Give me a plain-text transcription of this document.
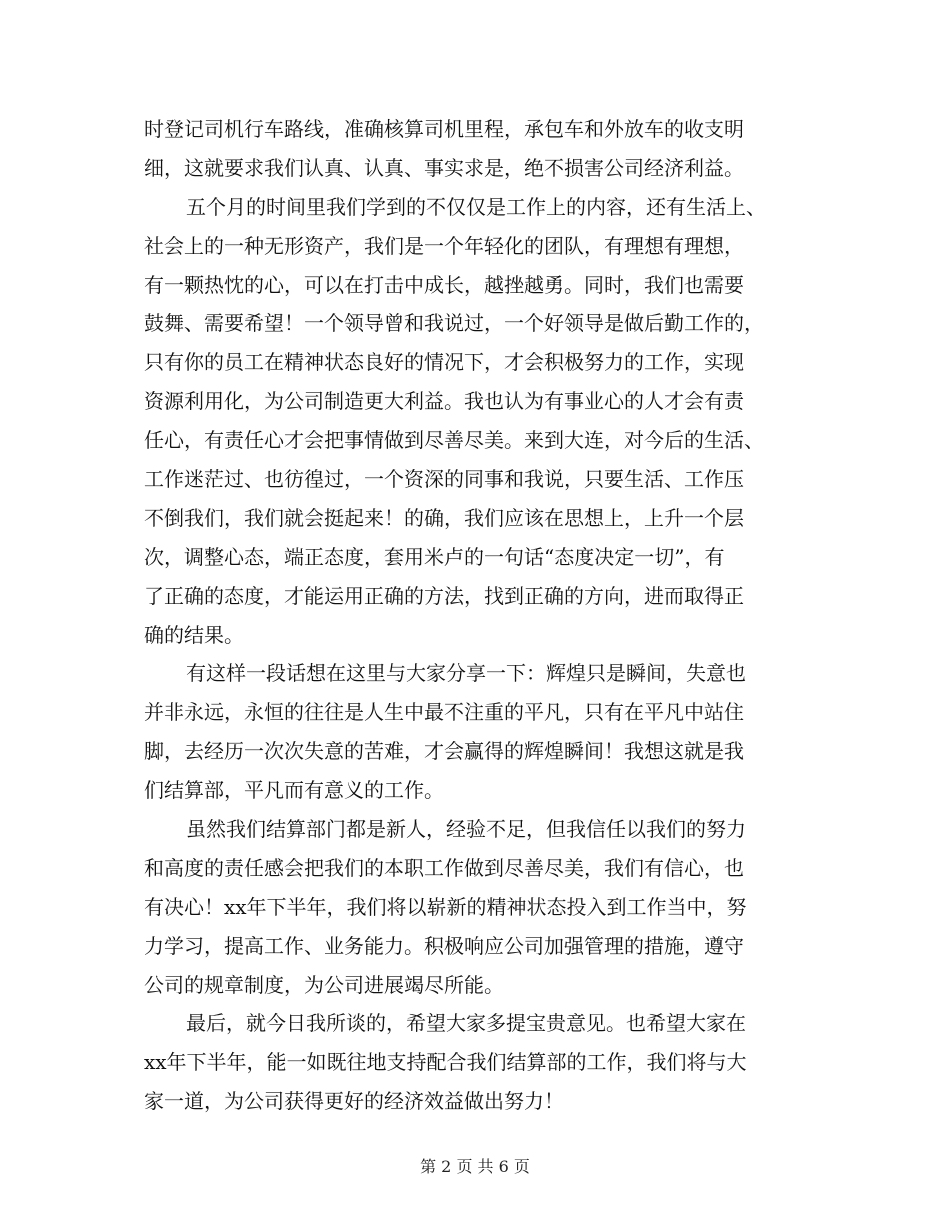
时登记司机行车路线，准确核算司机里程，承包车和外放车的收支明
细，这就要求我们认真、认真、事实求是，绝不损害公司经济利益。
五个月的时间里我们学到的不仅仅是工作上的内容，还有生活上、
社会上的一种无形资产，我们是一个年轻化的团队，有理想有理想，
有一颗热忱的心，可以在打击中成长，越挫越勇。同时，我们也需要
鼓舞、需要希望！一个领导曾和我说过，一个好领导是做后勤工作的，
只有你的员工在精神状态良好的情况下，才会积极努力的工作，实现
资源利用化，为公司制造更大利益。我也认为有事业心的人才会有责
任心，有责任心才会把事情做到尽善尽美。来到大连，对今后的生活、
工作迷茫过、也彷徨过，一个资深的同事和我说，只要生活、工作压
不倒我们，我们就会挺起来！的确，我们应该在思想上，上升一个层
次，调整心态，端正态度，套用米卢的一句话“态度决定一切”，有
了正确的态度，才能运用正确的方法，找到正确的方向，进而取得正
确的结果。
有这样一段话想在这里与大家分享一下：辉煌只是瞬间，失意也
并非永远，永恒的往往是人生中最不注重的平凡，只有在平凡中站住
脚，去经历一次次失意的苦难，才会赢得的辉煌瞬间！我想这就是我
们结算部，平凡而有意义的工作。
虽然我们结算部门都是新人，经验不足，但我信任以我们的努力
和高度的责任感会把我们的本职工作做到尽善尽美，我们有信心，也
有决心！xx年下半年，我们将以崭新的精神状态投入到工作当中，努
力学习，提高工作、业务能力。积极响应公司加强管理的措施，遵守
公司的规章制度，为公司进展竭尽所能。
最后，就今日我所谈的，希望大家多提宝贵意见。也希望大家在
xx年下半年，能一如既往地支持配合我们结算部的工作，我们将与大
家一道，为公司获得更好的经济效益做出努力！
第 2 页 共 6 页
